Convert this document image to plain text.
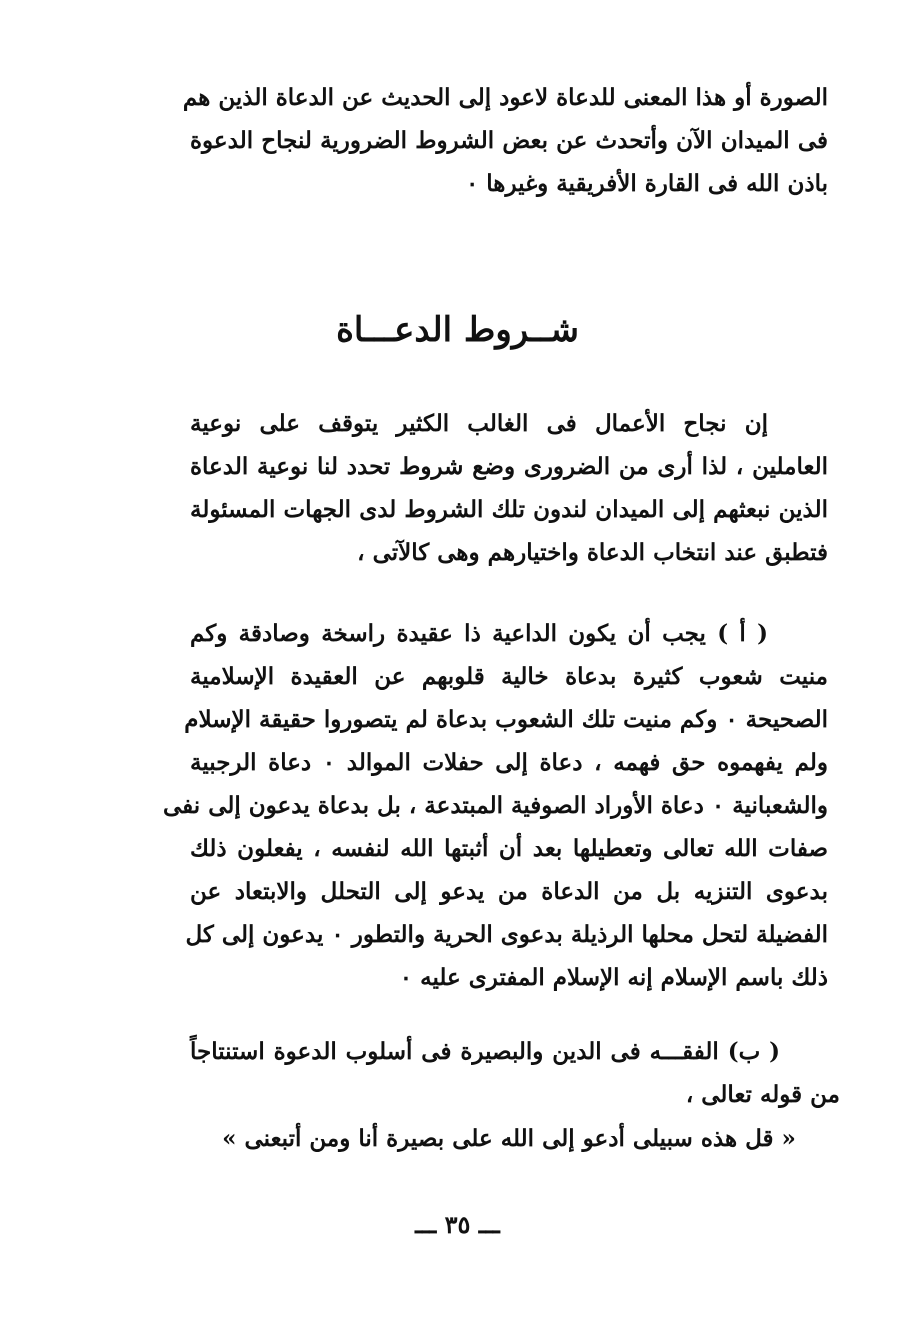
الصورة أو هذا المعنى للدعاة لاعود إلى الحديث عن الدعاة الذين هم
فى الميدان الآن وأتحدث عن بعض الشروط الضرورية لنجاح الدعوة
باذن الله فى القارة الأفريقية وغيرها ٠
شــروط الدعـــاة
إن نجاح الأعمال فى الغالب الكثير يتوقف على نوعية
العاملين ، لذا أرى من الضرورى وضع شروط تحدد لنا نوعية الدعاة
الذين نبعثهم إلى الميدان لندون تلك الشروط لدى الجهات المسئولة
فتطبق عند انتخاب الدعاة واختيارهم وهى كالآتى ،
( أ ) يجب أن يكون الداعية ذا عقيدة راسخة وصادقة وكم
منيت شعوب كثيرة بدعاة خالية قلوبهم عن العقيدة الإسلامية
الصحيحة ٠ وكم منيت تلك الشعوب بدعاة لم يتصوروا حقيقة الإسلام
ولم يفهموه حق فهمه ، دعاة إلى حفلات الموالد ٠ دعاة الرجبية
والشعبانية ٠ دعاة الأوراد الصوفية المبتدعة ، بل بدعاة يدعون إلى نفى
صفات الله تعالى وتعطيلها بعد أن أثبتها الله لنفسه ، يفعلون ذلك
بدعوى التنزيه بل من الدعاة من يدعو إلى التحلل والابتعاد عن
الفضيلة لتحل محلها الرذيلة بدعوى الحرية والتطور ٠ يدعون إلى كل
ذلك باسم الإسلام إنه الإسلام المفترى عليه ٠
( ب) الفقـــه فى الدين والبصيرة فى أسلوب الدعوة استنتاجاً
من قوله تعالى ،
« قل هذه سبيلى أدعو إلى الله على بصيرة أنا ومن أتبعنى »
ـــ ٣٥ ـــ
